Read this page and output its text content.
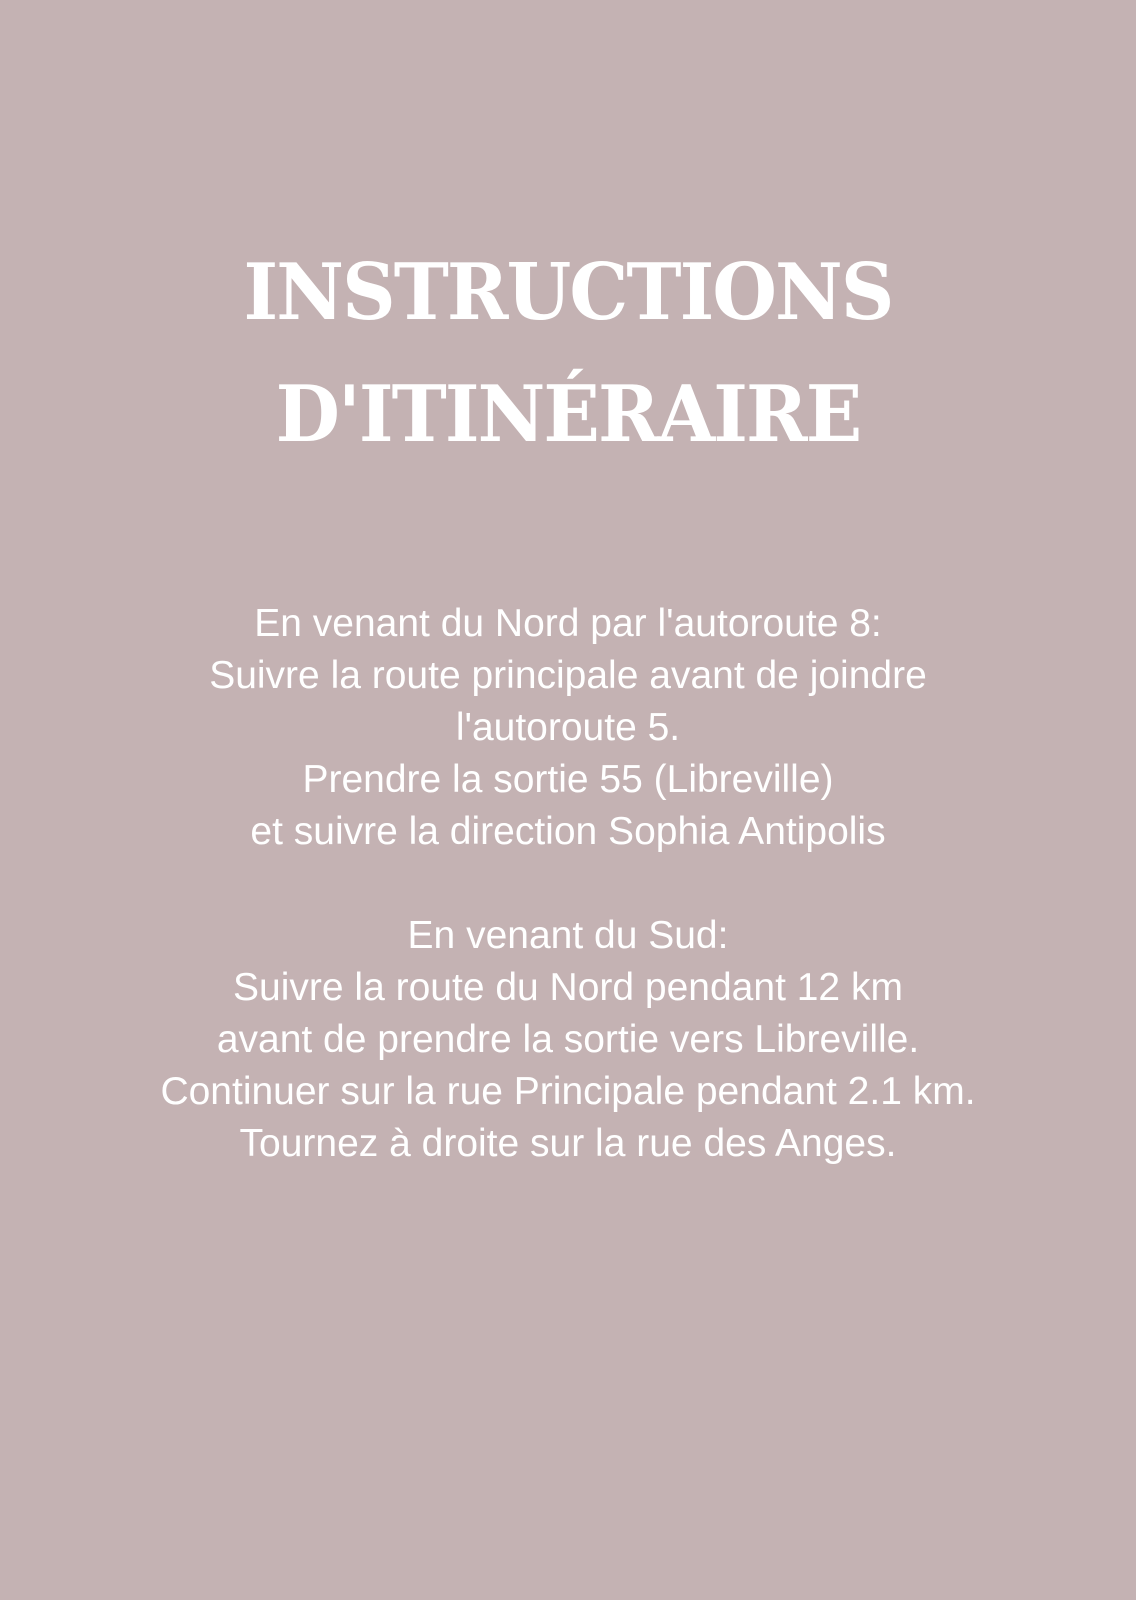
INSTRUCTIONS
D'ITINÉRAIRE

En venant du Nord par l'autoroute 8:
Suivre la route principale avant de joindre
l'autoroute 5.
Prendre la sortie 55 (Libreville)
et suivre la direction Sophia Antipolis

En venant du Sud:
Suivre la route du Nord pendant 12 km
avant de prendre la sortie vers Libreville.
Continuer sur la rue Principale pendant 2.1 km.
Tournez à droite sur la rue des Anges.
